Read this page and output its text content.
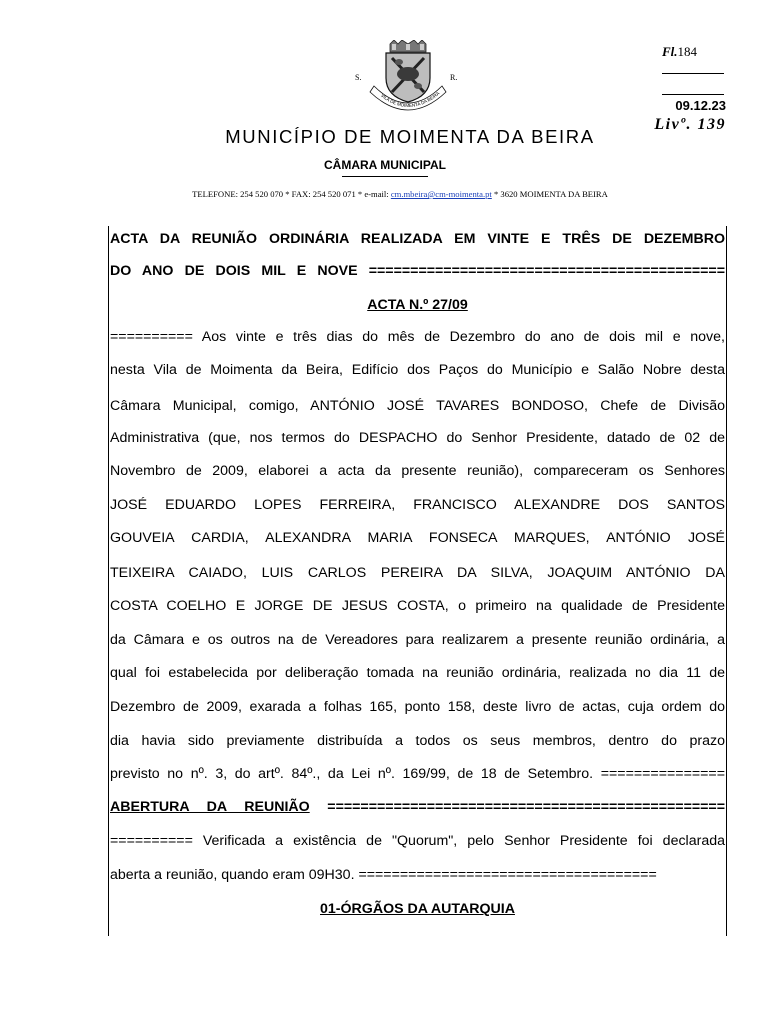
S.	R.
VILA DE MOIMENTA DA BEIRA
Fl.184
09.12.23
Livº. 139
MUNICÍPIO DE MOIMENTA DA BEIRA
CÂMARA MUNICIPAL
TELEFONE: 254 520 070 * FAX: 254 520 071 * e-mail: cm.mbeira@cm-moimenta.pt * 3620 MOIMENTA DA BEIRA
ACTA DA REUNIÃO ORDINÁRIA REALIZADA EM VINTE E TRÊS DE DEZEMBRO
DO ANO DE DOIS MIL E NOVE ===========================================
ACTA N.º 27/09
========== Aos vinte e três dias do mês de Dezembro do ano de dois mil e nove,
nesta Vila de Moimenta da Beira, Edifício dos Paços do Município e Salão Nobre desta
Câmara Municipal, comigo, ANTÓNIO JOSÉ TAVARES BONDOSO, Chefe de Divisão
Administrativa (que, nos termos do DESPACHO do Senhor Presidente, datado de 02 de
Novembro de 2009, elaborei a acta da presente reunião), compareceram os Senhores
JOSÉ EDUARDO LOPES FERREIRA, FRANCISCO ALEXANDRE DOS SANTOS
GOUVEIA CARDIA, ALEXANDRA MARIA FONSECA MARQUES, ANTÓNIO JOSÉ
TEIXEIRA CAIADO, LUIS CARLOS PEREIRA DA SILVA, JOAQUIM ANTÓNIO DA
COSTA COELHO E JORGE DE JESUS COSTA, o primeiro na qualidade de Presidente
da Câmara e os outros na de Vereadores para realizarem a presente reunião ordinária, a
qual foi estabelecida por deliberação tomada na reunião ordinária, realizada no dia 11 de
Dezembro de 2009, exarada a folhas 165, ponto 158, deste livro de actas, cuja ordem do
dia havia sido previamente distribuída a todos os seus membros, dentro do prazo
previsto no nº. 3, do artº. 84º., da Lei nº. 169/99, de 18 de Setembro. ===============
ABERTURA DA REUNIÃO ================================================
========== Verificada a existência de "Quorum", pelo Senhor Presidente foi declarada
aberta a reunião, quando eram 09H30. ====================================
01-ÓRGÃOS DA AUTARQUIA
